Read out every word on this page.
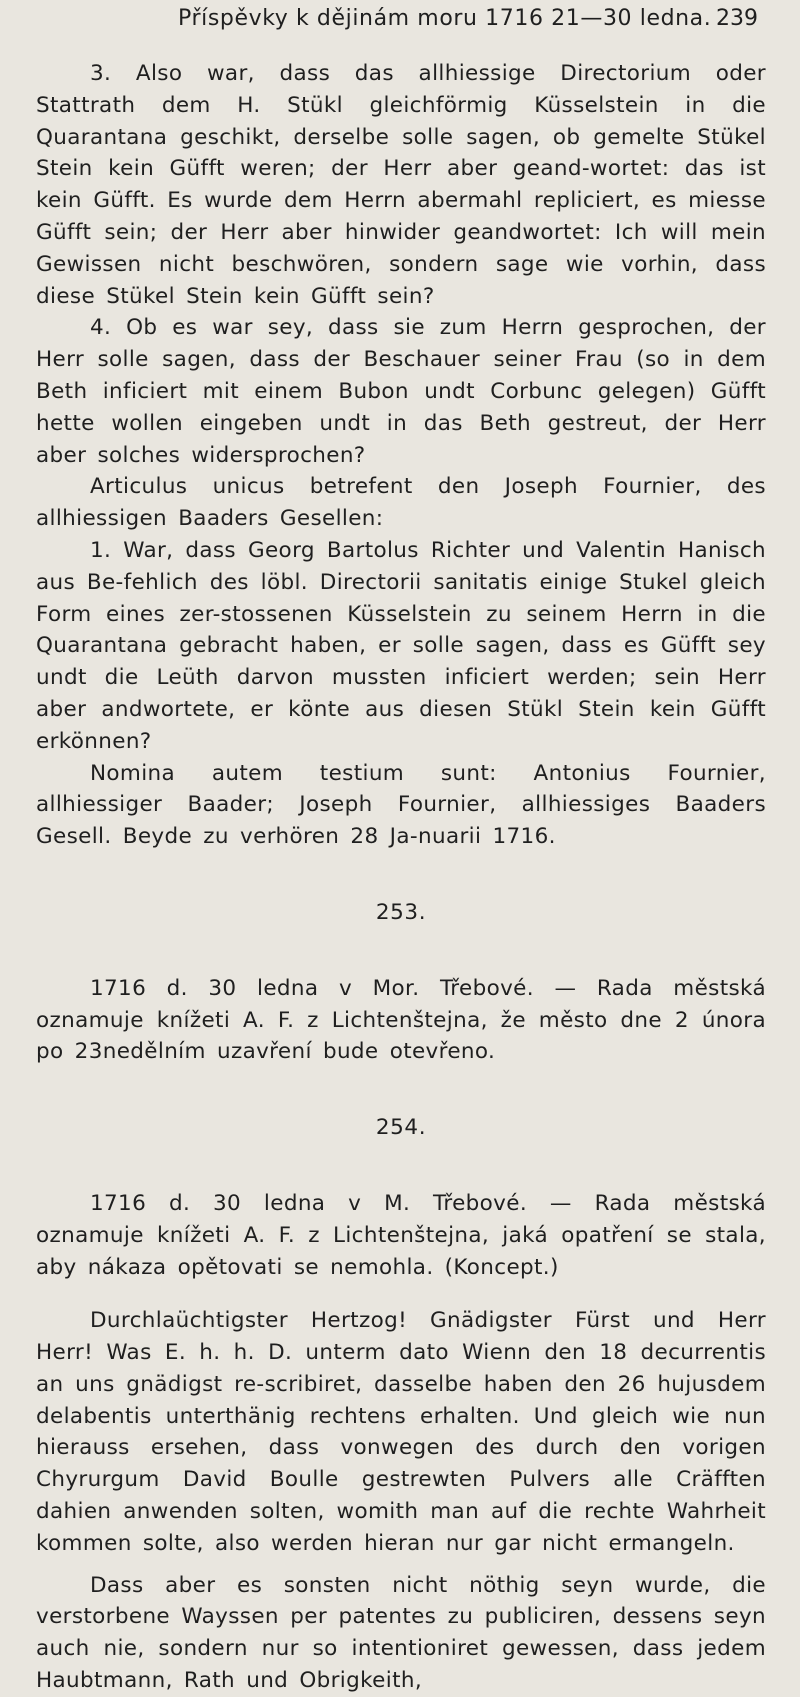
Příspěvky k dějinám moru 1716 21—30 ledna. 239

3. Also war, dass das allhiessige Directorium oder Stattrath dem H. Stükl gleichförmig Küsselstein in die Quarantana geschikt, derselbe solle sagen, ob gemelte Stükel Stein kein Güfft weren; der Herr aber geand-wortet: das ist kein Güfft. Es wurde dem Herrn abermahl repliciert, es miesse Güfft sein; der Herr aber hinwider geandwortet: Ich will mein Gewissen nicht beschwören, sondern sage wie vorhin, dass diese Stükel Stein kein Güfft sein?

4. Ob es war sey, dass sie zum Herrn gesprochen, der Herr solle sagen, dass der Beschauer seiner Frau (so in dem Beth inficiert mit einem Bubon undt Corbunc gelegen) Güfft hette wollen eingeben undt in das Beth gestreut, der Herr aber solches widersprochen?

Articulus unicus betrefent den Joseph Fournier, des allhiessigen Baaders Gesellen:

1. War, dass Georg Bartolus Richter und Valentin Hanisch aus Be-fehlich des löbl. Directorii sanitatis einige Stukel gleich Form eines zer-stossenen Küsselstein zu seinem Herrn in die Quarantana gebracht haben, er solle sagen, dass es Güfft sey undt die Leüth darvon mussten inficiert werden; sein Herr aber andwortete, er könte aus diesen Stükl Stein kein Güfft erkönnen?

Nomina autem testium sunt: Antonius Fournier, allhiessiger Baader; Joseph Fournier, allhiessiges Baaders Gesell. Beyde zu verhören 28 Ja-nuarii 1716.

253.

1716 d. 30 ledna v Mor. Třebové. — Rada městská oznamuje knížeti A. F. z Lichtenštejna, že město dne 2 února po 23nedělním uzavření bude otevřeno.

254.

1716 d. 30 ledna v M. Třebové. — Rada městská oznamuje knížeti A. F. z Lichtenštejna, jaká opatření se stala, aby nákaza opětovati se nemohla. (Koncept.)

Durchlaüchtigster Hertzog! Gnädigster Fürst und Herr Herr! Was E. h. h. D. unterm dato Wienn den 18 decurrentis an uns gnädigst re-scribiret, dasselbe haben den 26 hujusdem delabentis unterthänig rechtens erhalten. Und gleich wie nun hierauss ersehen, dass vonwegen des durch den vorigen Chyrurgum David Boulle gestrewten Pulvers alle Cräfften dahien anwenden solten, womith man auf die rechte Wahrheit kommen solte, also werden hieran nur gar nicht ermangeln.

Dass aber es sonsten nicht nöthig seyn wurde, die verstorbene Wayssen per patentes zu publiciren, dessens seyn auch nie, sondern nur so intentioniret gewessen, dass jedem Haubtmann, Rath und Obrigkeith,
